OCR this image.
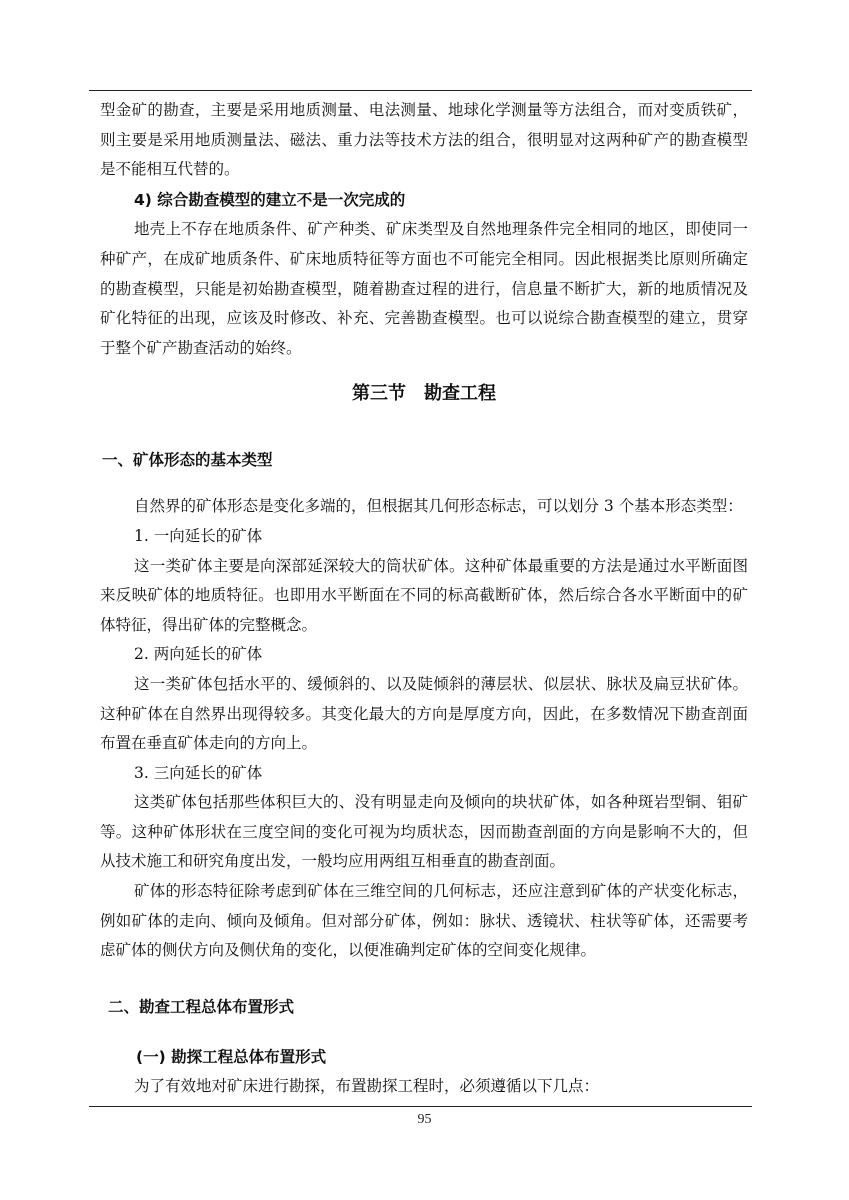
型金矿的勘查，主要是采用地质测量、电法测量、地球化学测量等方法组合，而对变质铁矿，则主要是采用地质测量法、磁法、重力法等技术方法的组合，很明显对这两种矿产的勘查模型是不能相互代替的。

4) 综合勘查模型的建立不是一次完成的

地壳上不存在地质条件、矿产种类、矿床类型及自然地理条件完全相同的地区，即使同一种矿产，在成矿地质条件、矿床地质特征等方面也不可能完全相同。因此根据类比原则所确定的勘查模型，只能是初始勘查模型，随着勘查过程的进行，信息量不断扩大，新的地质情况及矿化特征的出现，应该及时修改、补充、完善勘查模型。也可以说综合勘查模型的建立，贯穿于整个矿产勘查活动的始终。

第三节　勘查工程

一、矿体形态的基本类型

自然界的矿体形态是变化多端的，但根据其几何形态标志，可以划分 3 个基本形态类型：

1. 一向延长的矿体

这一类矿体主要是向深部延深较大的筒状矿体。这种矿体最重要的方法是通过水平断面图来反映矿体的地质特征。也即用水平断面在不同的标高截断矿体，然后综合各水平断面中的矿体特征，得出矿体的完整概念。

2. 两向延长的矿体

这一类矿体包括水平的、缓倾斜的、以及陡倾斜的薄层状、似层状、脉状及扁豆状矿体。这种矿体在自然界出现得较多。其变化最大的方向是厚度方向，因此，在多数情况下勘查剖面布置在垂直矿体走向的方向上。

3. 三向延长的矿体

这类矿体包括那些体积巨大的、没有明显走向及倾向的块状矿体，如各种斑岩型铜、钼矿等。这种矿体形状在三度空间的变化可视为均质状态，因而勘查剖面的方向是影响不大的，但从技术施工和研究角度出发，一般均应用两组互相垂直的勘查剖面。

矿体的形态特征除考虑到矿体在三维空间的几何标志，还应注意到矿体的产状变化标志，例如矿体的走向、倾向及倾角。但对部分矿体，例如：脉状、透镜状、柱状等矿体，还需要考虑矿体的侧伏方向及侧伏角的变化，以便准确判定矿体的空间变化规律。

二、勘查工程总体布置形式

(一) 勘探工程总体布置形式

为了有效地对矿床进行勘探，布置勘探工程时，必须遵循以下几点：

95
